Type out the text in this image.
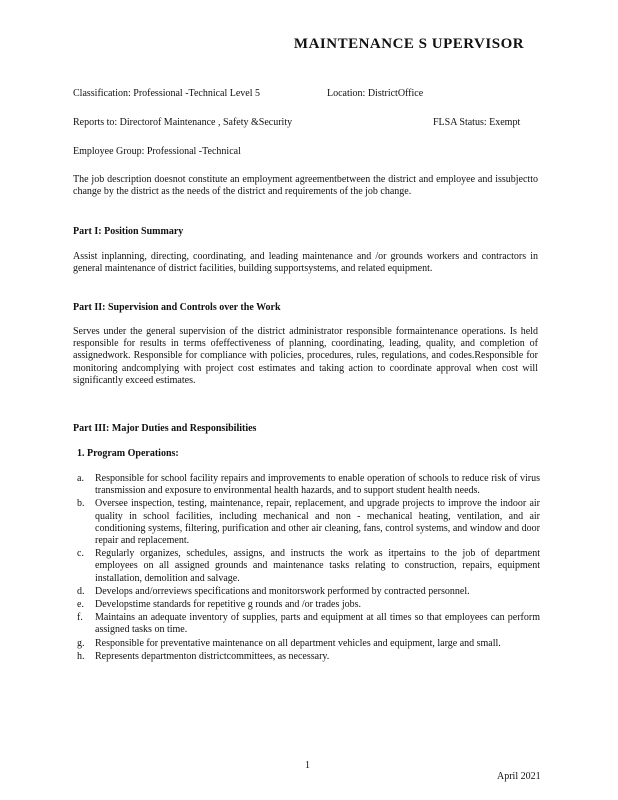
MAINTENANCE S UPERVISOR
Classification: Professional -Technical Level 5	Location: DistrictOffice
Reports to: Directorof Maintenance , Safety &Security	FLSA Status: Exempt
Employee Group: Professional -Technical
The job description doesnot constitute an employment agreementbetween the district and employee and issubjectto change by the district as the needs of the district and requirements of the job change.
Part I: Position Summary
Assist inplanning, directing, coordinating, and leading maintenance and /or grounds workers and contractors in general maintenance of district facilities, building supportsystems, and related equipment.
Part II: Supervision and Controls over the Work
Serves under the general supervision of the district administrator responsible formaintenance operations. Is held responsible for results in terms ofeffectiveness of planning, coordinating, leading, quality, and completion of assignedwork. Responsible for compliance with policies, procedures, rules, regulations, and codes.Responsible for monitoring andcomplying with project cost estimates and taking action to coordinate approval when cost will significantly exceed estimates.
Part III: Major Duties and Responsibilities
1. Program Operations:
a. Responsible for school facility repairs and improvements to enable operation of schools to reduce risk of virus transmission and exposure to environmental health hazards, and to support student health needs.
b. Oversee inspection, testing, maintenance, repair, replacement, and upgrade projects to improve the indoor air quality in school facilities, including mechanical and non - mechanical heating, ventilation, and air conditioning systems, filtering, purification and other air cleaning, fans, control systems, and window and door repair and replacement.
c. Regularly organizes, schedules, assigns, and instructs the work as itpertains to the job of department employees on all assigned grounds and maintenance tasks relating to construction, repairs, equipment installation, demolition and salvage.
d. Develops and/orreviews specifications and monitorswork performed by contracted personnel.
e. Developstime standards for repetitive g rounds and /or trades jobs.
f. Maintains an adequate inventory of supplies, parts and equipment at all times so that employees can perform assigned tasks on time.
g. Responsible for preventative maintenance on all department vehicles and equipment, large and small.
h. Represents departmenton districtcommittees, as necessary.
1
April 2021
